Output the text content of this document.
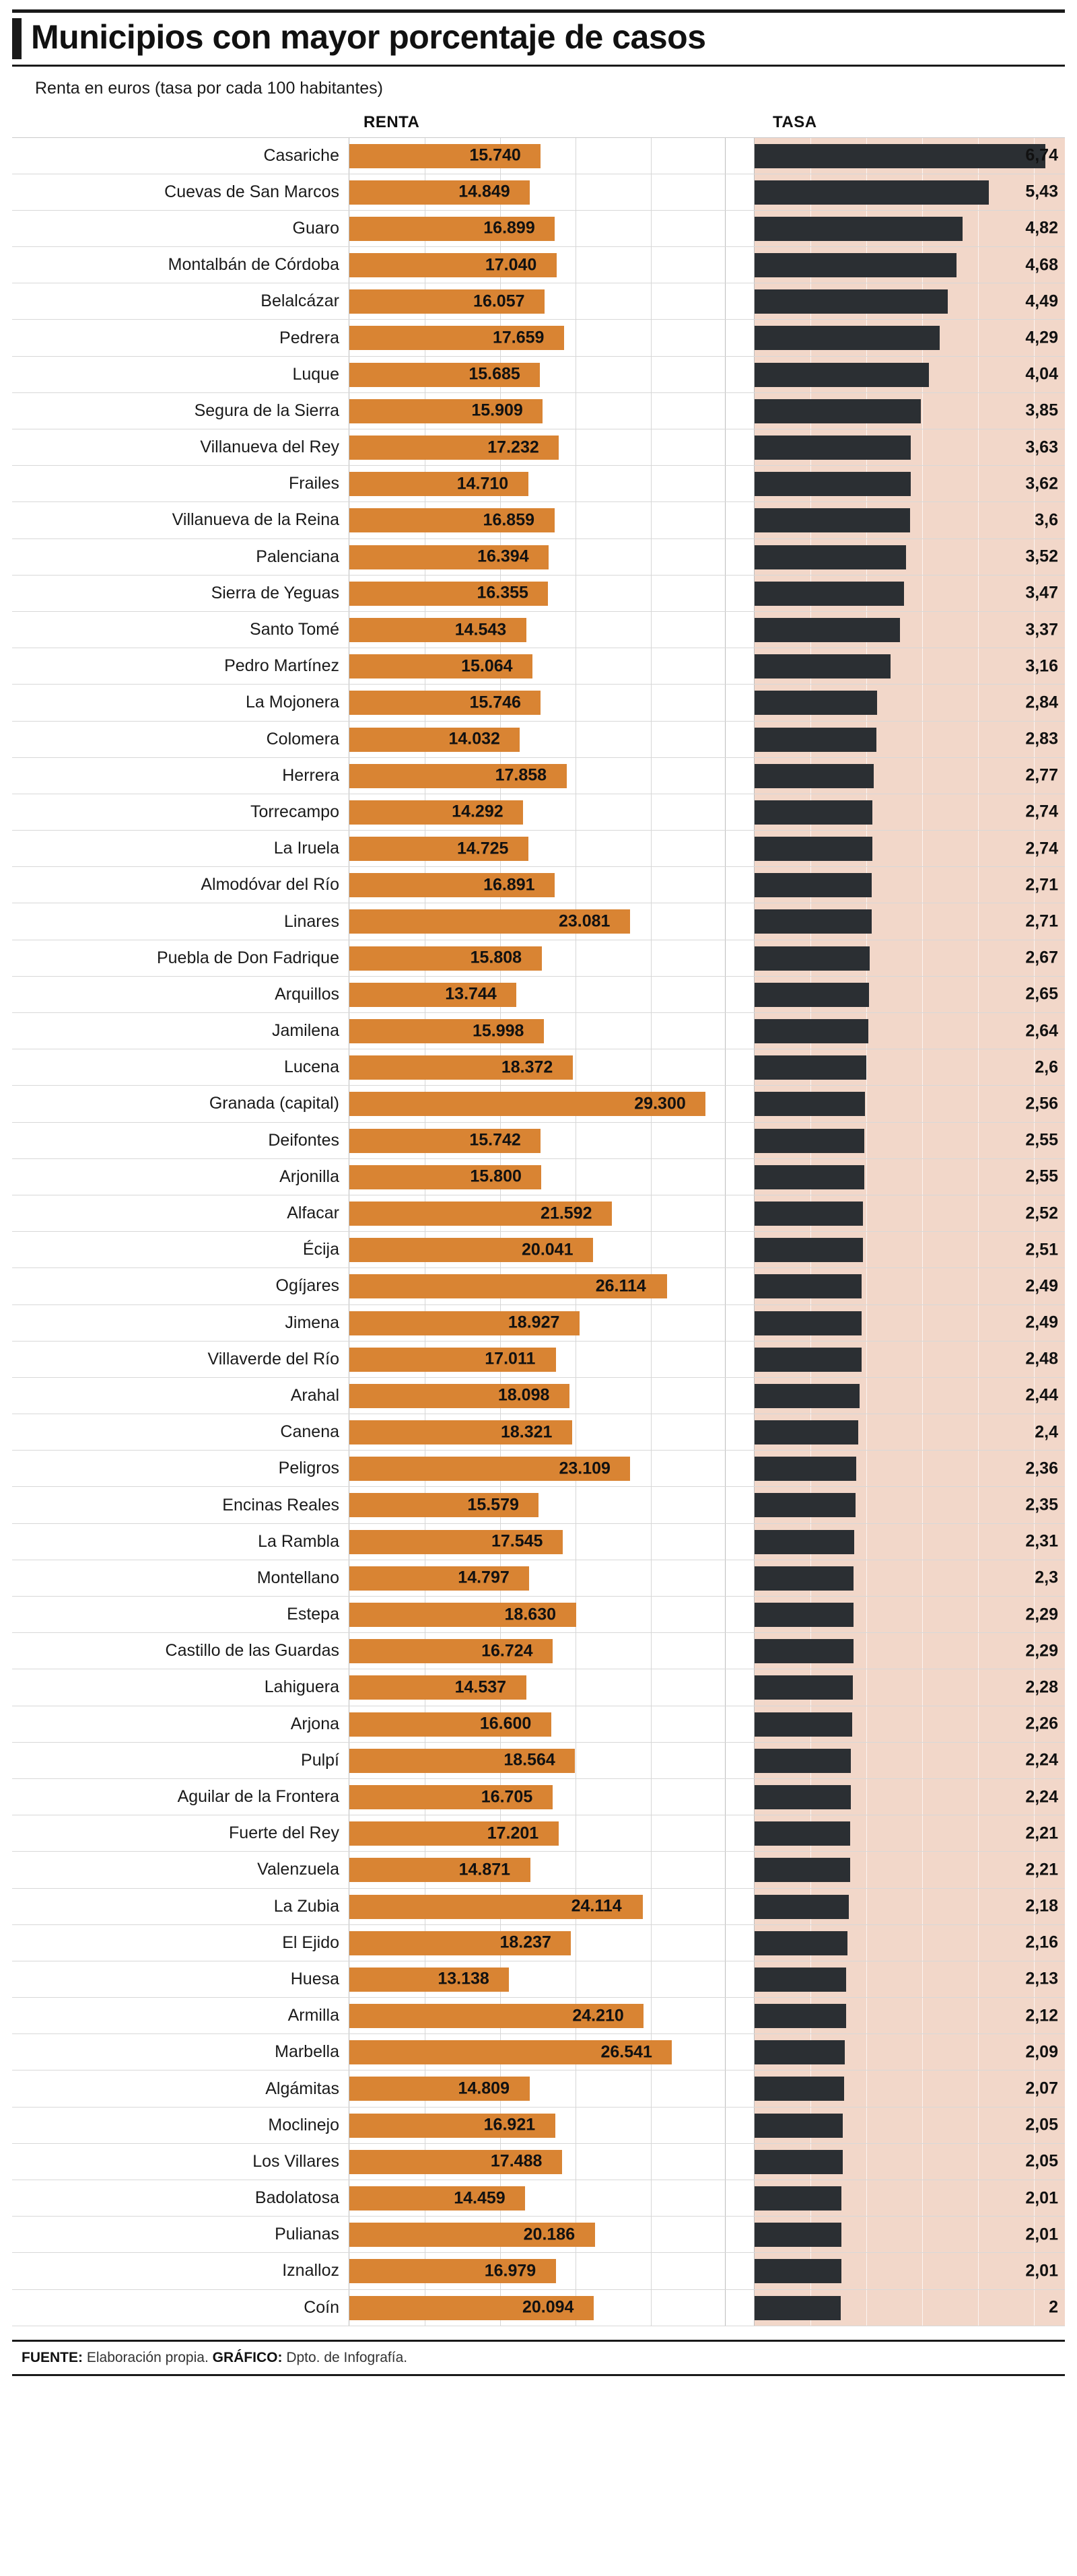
Municipios con mayor porcentaje de casos
Renta en euros (tasa por cada 100 habitantes)
RENTA	TASA
Casariche	15.740	6,74
Cuevas de San Marcos	14.849	5,43
Guaro	16.899	4,82
Montalbán de Córdoba	17.040	4,68
Belalcázar	16.057	4,49
Pedrera	17.659	4,29
Luque	15.685	4,04
Segura de la Sierra	15.909	3,85
Villanueva del Rey	17.232	3,63
Frailes	14.710	3,62
Villanueva de la Reina	16.859	3,6
Palenciana	16.394	3,52
Sierra de Yeguas	16.355	3,47
Santo Tomé	14.543	3,37
Pedro Martínez	15.064	3,16
La Mojonera	15.746	2,84
Colomera	14.032	2,83
Herrera	17.858	2,77
Torrecampo	14.292	2,74
La Iruela	14.725	2,74
Almodóvar del Río	16.891	2,71
Linares	23.081	2,71
Puebla de Don Fadrique	15.808	2,67
Arquillos	13.744	2,65
Jamilena	15.998	2,64
Lucena	18.372	2,6
Granada (capital)	29.300	2,56
Deifontes	15.742	2,55
Arjonilla	15.800	2,55
Alfacar	21.592	2,52
Écija	20.041	2,51
Ogíjares	26.114	2,49
Jimena	18.927	2,49
Villaverde del Río	17.011	2,48
Arahal	18.098	2,44
Canena	18.321	2,4
Peligros	23.109	2,36
Encinas Reales	15.579	2,35
La Rambla	17.545	2,31
Montellano	14.797	2,3
Estepa	18.630	2,29
Castillo de las Guardas	16.724	2,29
Lahiguera	14.537	2,28
Arjona	16.600	2,26
Pulpí	18.564	2,24
Aguilar de la Frontera	16.705	2,24
Fuerte del Rey	17.201	2,21
Valenzuela	14.871	2,21
La Zubia	24.114	2,18
El Ejido	18.237	2,16
Huesa	13.138	2,13
Armilla	24.210	2,12
Marbella	26.541	2,09
Algámitas	14.809	2,07
Moclinejo	16.921	2,05
Los Villares	17.488	2,05
Badolatosa	14.459	2,01
Pulianas	20.186	2,01
Iznalloz	16.979	2,01
Coín	20.094	2
FUENTE: Elaboración propia. GRÁFICO: Dpto. de Infografía.
